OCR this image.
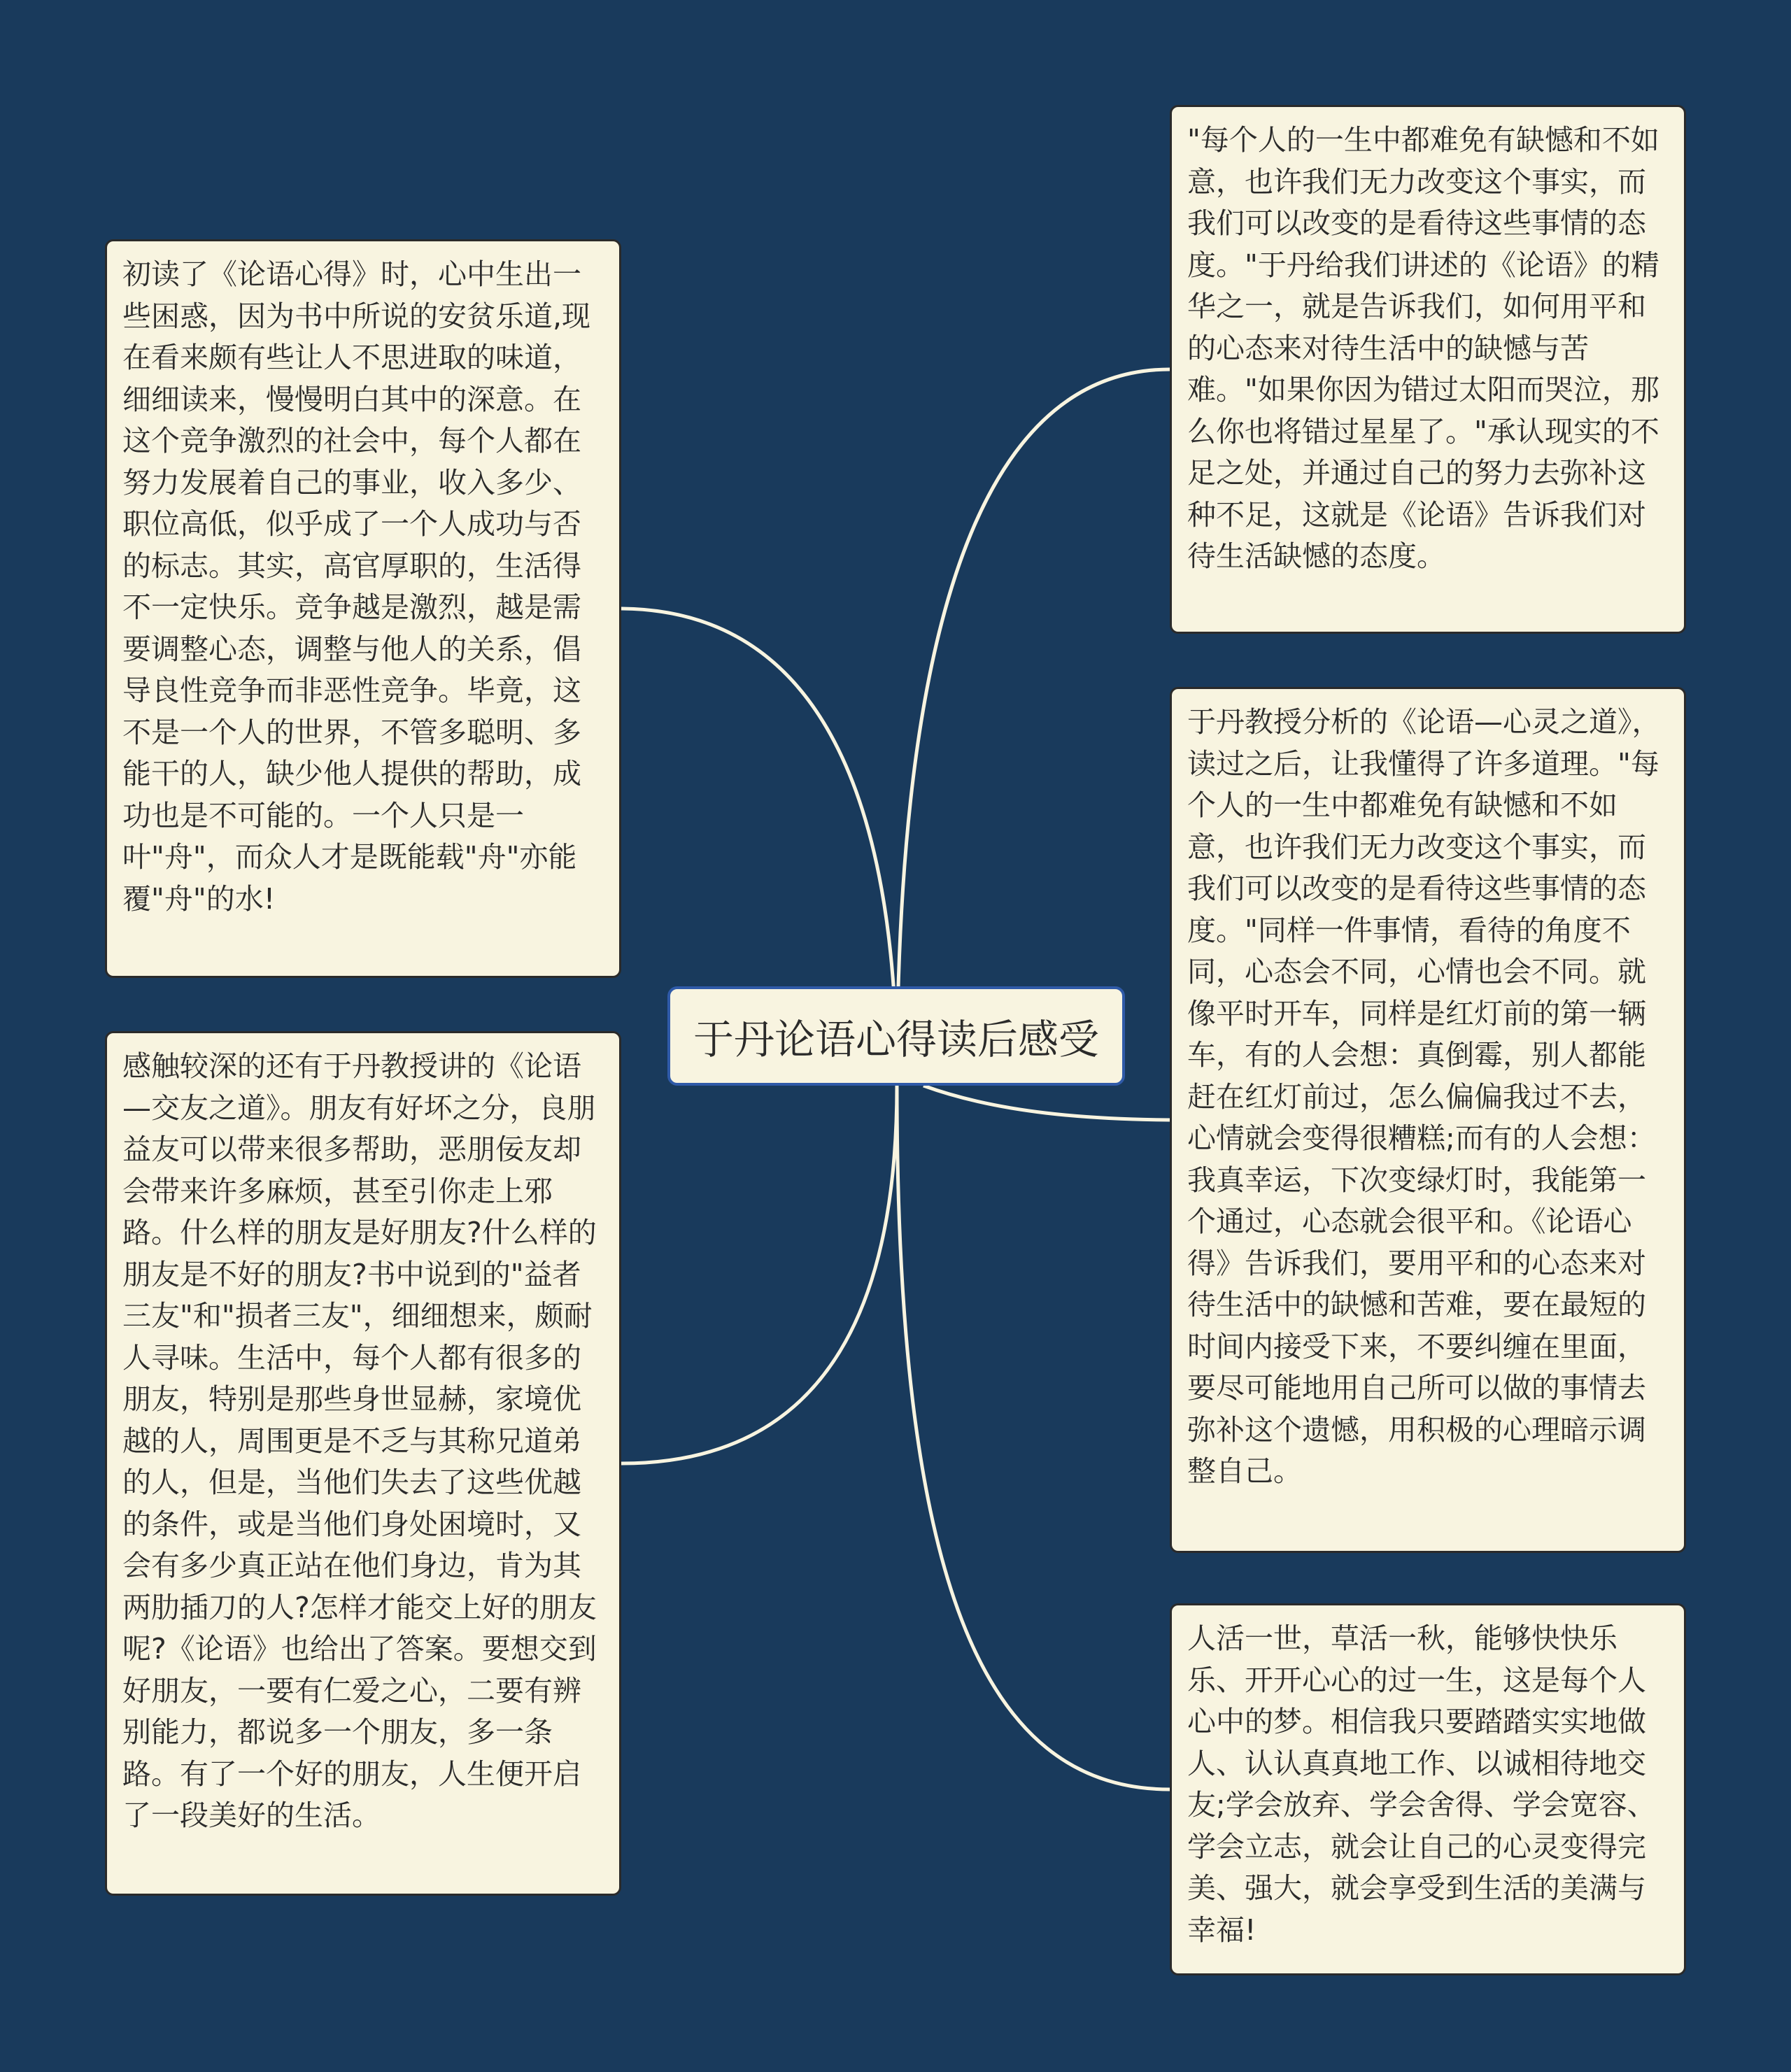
于丹论语心得读后感受
初读了《论语心得》时，心中生出一些困惑，因为书中所说的安贫乐道,现在看来颇有些让人不思进取的味道，细细读来，慢慢明白其中的深意。在这个竞争激烈的社会中，每个人都在努力发展着自己的事业，收入多少、职位高低，似乎成了一个人成功与否的标志。其实，高官厚职的，生活得不一定快乐。竞争越是激烈，越是需要调整心态，调整与他人的关系，倡导良性竞争而非恶性竞争。毕竟，这不是一个人的世界，不管多聪明、多能干的人，缺少他人提供的帮助，成功也是不可能的。一个人只是一叶"舟"，而众人才是既能载"舟"亦能覆"舟"的水!
感触较深的还有于丹教授讲的《论语—交友之道》。朋友有好坏之分，良朋益友可以带来很多帮助，恶朋佞友却会带来许多麻烦，甚至引你走上邪路。什么样的朋友是好朋友?什么样的朋友是不好的朋友?书中说到的"益者三友"和"损者三友"，细细想来，颇耐人寻味。生活中，每个人都有很多的朋友，特别是那些身世显赫，家境优越的人，周围更是不乏与其称兄道弟的人，但是，当他们失去了这些优越的条件，或是当他们身处困境时，又会有多少真正站在他们身边，肯为其两肋插刀的人?怎样才能交上好的朋友呢?《论语》也给出了答案。要想交到好朋友，一要有仁爱之心，二要有辨别能力，都说多一个朋友，多一条路。有了一个好的朋友，人生便开启了一段美好的生活。
"每个人的一生中都难免有缺憾和不如意，也许我们无力改变这个事实，而我们可以改变的是看待这些事情的态度。"于丹给我们讲述的《论语》的精华之一，就是告诉我们，如何用平和的心态来对待生活中的缺憾与苦难。"如果你因为错过太阳而哭泣，那么你也将错过星星了。"承认现实的不足之处，并通过自己的努力去弥补这种不足，这就是《论语》告诉我们对待生活缺憾的态度。
于丹教授分析的《论语—心灵之道》，读过之后，让我懂得了许多道理。"每个人的一生中都难免有缺憾和不如意，也许我们无力改变这个事实，而我们可以改变的是看待这些事情的态度。"同样一件事情，看待的角度不同，心态会不同，心情也会不同。就像平时开车，同样是红灯前的第一辆车，有的人会想：真倒霉，别人都能赶在红灯前过，怎么偏偏我过不去，心情就会变得很糟糕;而有的人会想：我真幸运，下次变绿灯时，我能第一个通过，心态就会很平和。《论语心得》告诉我们，要用平和的心态来对待生活中的缺憾和苦难，要在最短的时间内接受下来，不要纠缠在里面，要尽可能地用自己所可以做的事情去弥补这个遗憾，用积极的心理暗示调整自己。
人活一世，草活一秋，能够快快乐乐、开开心心的过一生，这是每个人心中的梦。相信我只要踏踏实实地做人、认认真真地工作、以诚相待地交友;学会放弃、学会舍得、学会宽容、学会立志，就会让自己的心灵变得完美、强大，就会享受到生活的美满与幸福!
